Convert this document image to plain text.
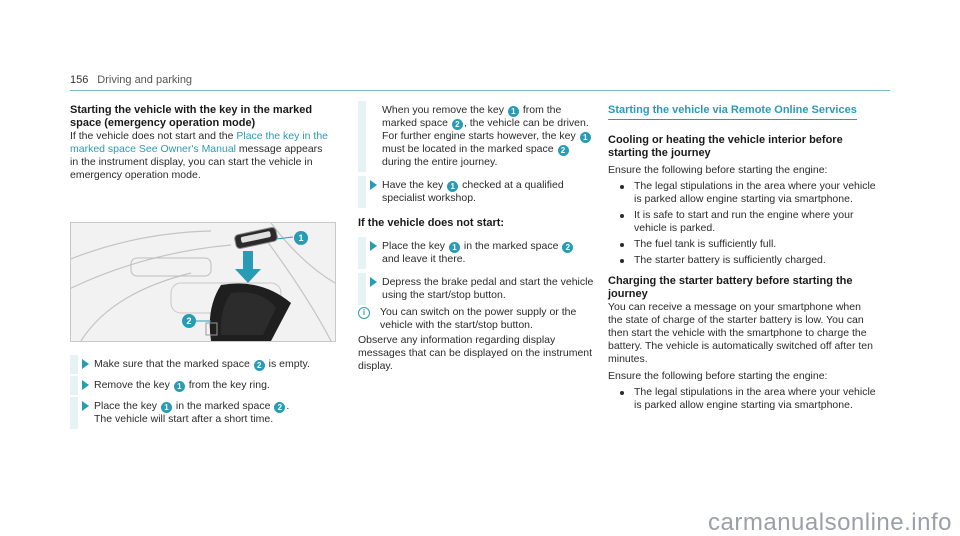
156 Driving and parking
Starting the vehicle with the key in the marked space (emergency operation mode)

If the vehicle does not start and the Place the key in the marked space See Owner's Manual message appears in the instrument display, you can start the vehicle in emergency operation mode.

1
2
Make sure that the marked space 2 is empty.
Remove the key 1 from the key ring.
Place the key 1 in the marked space 2 .
The vehicle will start after a short time.
When you remove the key 1 from the marked space 2 , the vehicle can be driven. For further engine starts however, the key 1 must be located in the marked space 2 during the entire journey.
Have the key 1 checked at a qualified specialist workshop.
If the vehicle does not start:
Place the key 1 in the marked space 2 and leave it there.
Depress the brake pedal and start the vehicle using the start/stop button.
i	You can switch on the power supply or the vehicle with the start/stop button.

Observe any information regarding display messages that can be displayed on the instrument display.

Starting the vehicle via Remote Online Services
Cooling or heating the vehicle interior before starting the journey

Ensure the following before starting the engine:

The legal stipulations in the area where your vehicle is parked allow engine starting via smartphone.
It is safe to start and run the engine where your vehicle is parked.
The fuel tank is sufficiently full.
The starter battery is sufficiently charged.
Charging the starter battery before starting the journey

You can receive a message on your smartphone when the state of charge of the starter battery is low. You can then start the vehicle with the smartphone to charge the battery. The vehicle is automatically switched off after ten minutes.

Ensure the following before starting the engine:

The legal stipulations in the area where your vehicle is parked allow engine starting via smartphone.
carmanualsonline.info
